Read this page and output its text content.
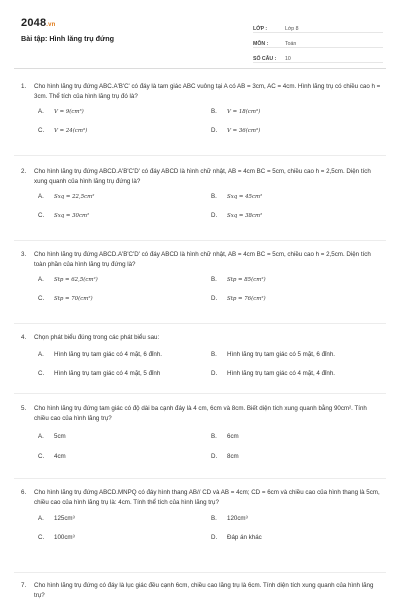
2048.vn
Bài tập: Hình lăng trụ đứng
LỚP :	Lớp 8
MÔN :	Toán
SỐ CÂU :	10
1.	Cho hình lăng trụ đứng ABC.A'B'C' có đáy là tam giác ABC vuông tại A có AB = 3cm, AC = 4cm. Hình lăng trụ có chiều cao h = 3cm. Thể tích của hình lăng trụ đó là?
A.	V = 9(cm³)	B.	V = 18(cm³)
C.	V = 24(cm³)	D.	V = 36(cm³)
2.	Cho hình lăng trụ đứng ABCD.A'B'C'D' có đáy ABCD là hình chữ nhật, AB = 4cm BC = 5cm, chiều cao h = 2,5cm. Diện tích xung quanh của hình lăng trụ đứng là?
A.	Sxq = 22,5cm²	B.	Sxq = 45cm²
C.	Sxq = 30cm²	D.	Sxq = 38cm²
3.	Cho hình lăng trụ đứng ABCD.A'B'C'D' có đáy ABCD là hình chữ nhật, AB = 4cm BC = 5cm, chiều cao h = 2,5cm. Diện tích toàn phần của hình lăng trụ đứng là?
A.	Stp = 62,5(cm²)	B.	Stp = 85(cm²)
C.	Stp = 70(cm²)	D.	Stp = 76(cm²)
4.	Chọn phát biểu đúng trong các phát biểu sau:
A.	Hình lăng trụ tam giác có 4 mặt, 6 đỉnh.	B.	Hình lăng trụ tam giác có 5 mặt, 6 đỉnh.
C.	Hình lăng trụ tam giác có 4 mặt, 5 đỉnh	D.	Hình lăng trụ tam giác có 4 mặt, 4 đỉnh.
5.	Cho hình lăng trụ đứng tam giác có độ dài ba cạnh đáy là 4 cm, 6cm và 8cm. Biết diện tích xung quanh bằng 90cm². Tính chiều cao của hình lăng trụ?
A.	5cm	B.	6cm
C.	4cm	D.	8cm
6.	Cho hình lăng trụ đứng ABCD.MNPQ có đáy hình thang AB// CD và AB = 4cm; CD = 6cm và chiều cao của hình thang là 5cm, chiều cao của hình lăng trụ là: 4cm. Tính thể tích của hình lăng trụ?
A.	125cm³	B.	120cm³
C.	100cm³	D.	Đáp án khác
7.	Cho hình lăng trụ đứng có đáy là lục giác đều cạnh 6cm, chiều cao lăng trụ là 6cm. Tính diện tích xung quanh của hình lăng trụ?
